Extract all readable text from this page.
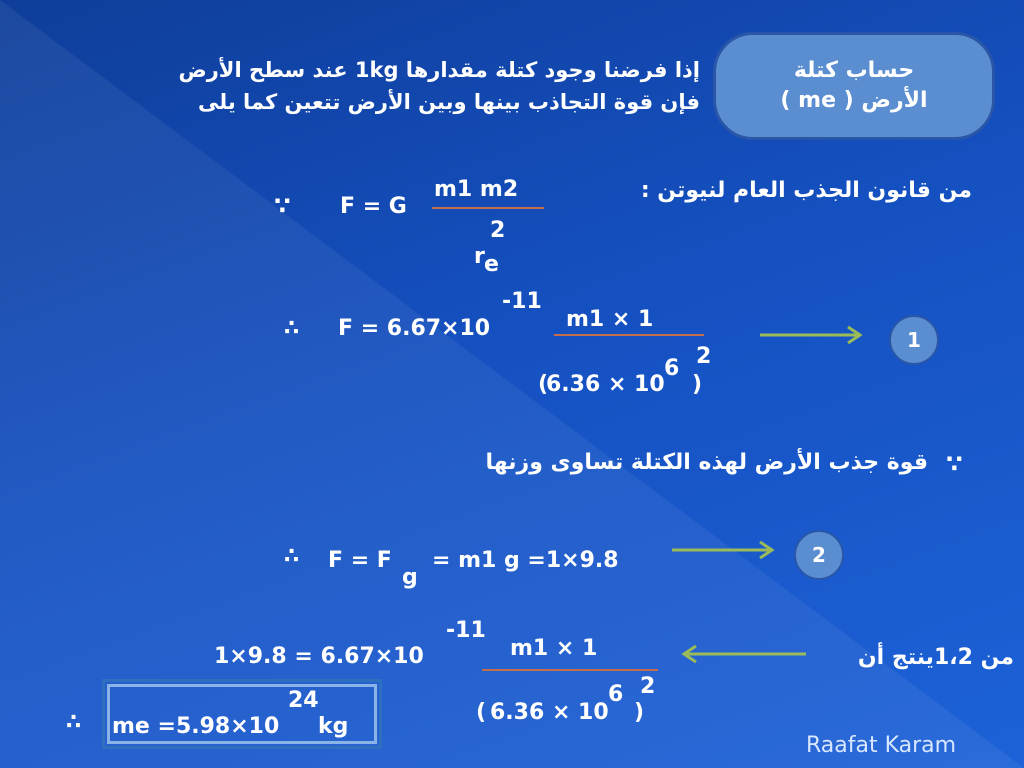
حساب كتلة
الأرض ( me )
إذا فرضنا وجود كتلة مقدارها 1kg عند سطح الأرض
فإن قوة التجاذب بينها وبين الأرض تتعين كما يلى
من قانون الجذب العام لنيوتن :
∵ F = G
m1 m2
2
r e
∴ F = 6.67×10
-11
m1 × 1
(
6.36 × 10
6
)
2
1
قوة جذب الأرض لهذه الكتلة تساوى وزنها ∵
∴ F = F
g
= m1 g =1×9.8	2
من 1،2ينتج أن
1×9.8 = 6.67×10
-11
m1 × 1
( 6.36 × 10
6
)
2
∴ me =5.98×10
24
kg
Raafat Karam
